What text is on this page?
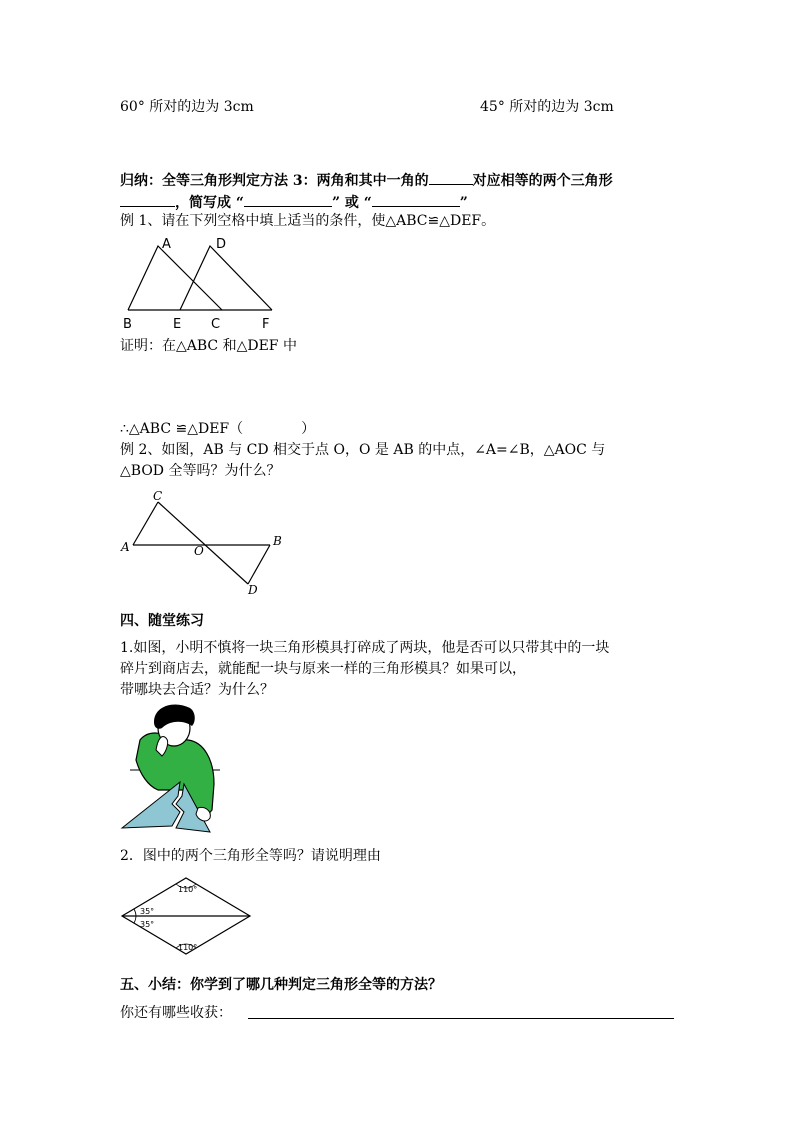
60° 所对的边为 3cm	45° 所对的边为 3cm
归纳：全等三角形判定方法 3：两角和其中一角的	对应相等的两个三角形
，简写成 “	” 或 “	”
例 1、请在下列空格中填上适当的条件，使△ABC≌△DEF。
A	D
B	E C	F
证明：在△ABC 和△DEF 中
∴△ABC ≌△DEF（	）
例 2、如图，AB 与 CD 相交于点 O，O 是 AB 的中点，∠A=∠B，△AOC 与
△BOD 全等吗？为什么？
C
A	O
B
D
四、随堂练习
1.如图，小明不慎将一块三角形模具打碎成了两块，他是否可以只带其中的一块
碎片到商店去，就能配一块与原来一样的三角形模具？如果可以，
带哪块去合适？为什么？
2．图中的两个三角形全等吗？请说明理由
110°
35°
35°
110°
五、小结：你学到了哪几种判定三角形全等的方法？
你还有哪些收获：
